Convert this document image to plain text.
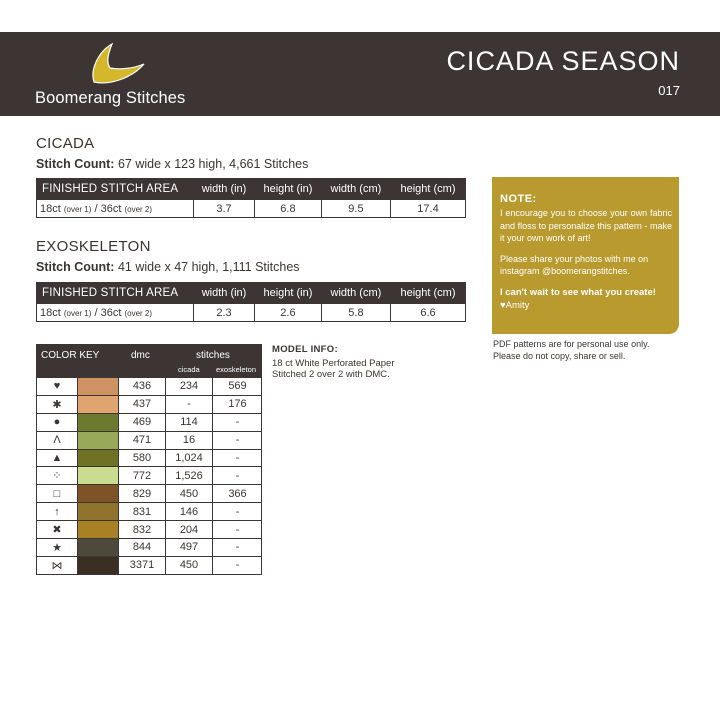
Boomerang Stitches
CICADA SEASON
017
CICADA
Stitch Count: 67 wide x 123 high, 4,661 Stitches
FINISHED STITCH AREA	width (in)	height (in)	width (cm)	height (cm)
18ct (over 1) / 36ct (over 2)	3.7	6.8	9.5	17.4
EXOSKELETON
Stitch Count: 41 wide x 47 high, 1,111 Stitches
FINISHED STITCH AREA	width (in)	height (in)	width (cm)	height (cm)
18ct (over 1) / 36ct (over 2)	2.3	2.6	5.8	6.6
NOTE:
I encourage you to choose your own fabric and floss to personalize this pattern - make it your own work of art!
Please share your photos with me on instagram @boomerangstitches.
I can't wait to see what you create!
♥Amity
PDF patterns are for personal use only.
Please do not copy, share or sell.
MODEL INFO:
18 ct White Perforated Paper
Stitched 2 over 2 with DMC.
COLOR KEY	dmc	stitches
cicada exoskeleton
♥	436	234	569
✱	437	-	176
●	469	114	-
Λ	471	16	-
▲	580	1,024	-
⁘	772	1,526	-
□	829	450	366
↑	831	146	-
✖	832	204	-
★	844	497	-
⋈	3371	450	-
